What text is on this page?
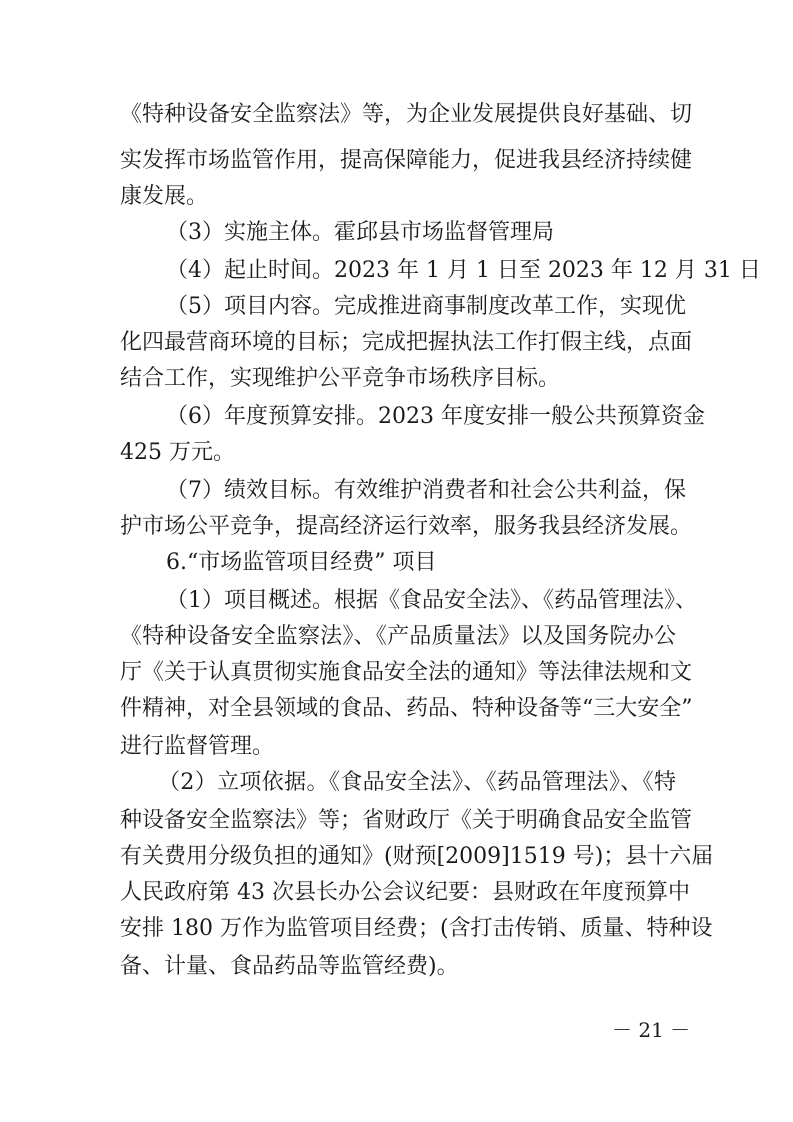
《特种设备安全监察法》等，为企业发展提供良好基础、切
实发挥市场监管作用，提高保障能力，促进我县经济持续健
康发展。
（3）实施主体。霍邱县市场监督管理局
（4）起止时间。2023 年 1 月 1 日至 2023 年 12 月 31 日
（5）项目内容。完成推进商事制度改革工作，实现优
化四最营商环境的目标；完成把握执法工作打假主线，点面
结合工作，实现维护公平竞争市场秩序目标。
（6）年度预算安排。2023 年度安排一般公共预算资金
425 万元。
（7）绩效目标。有效维护消费者和社会公共利益，保
护市场公平竞争，提高经济运行效率，服务我县经济发展。
6.“市场监管项目经费” 项目
（1）项目概述。根据《食品安全法》、《药品管理法》、
《特种设备安全监察法》、《产品质量法》以及国务院办公
厅《关于认真贯彻实施食品安全法的通知》等法律法规和文
件精神，对全县领域的食品、药品、特种设备等“三大安全”
进行监督管理。
（2）立项依据。《食品安全法》、《药品管理法》、《特
种设备安全监察法》等；省财政厅《关于明确食品安全监管
有关费用分级负担的通知》(财预[2009]1519 号)；县十六届
人民政府第 43 次县长办公会议纪要：县财政在年度预算中
安排 180 万作为监管项目经费；(含打击传销、质量、特种设
备、计量、食品药品等监管经费)。
－ 21 －
